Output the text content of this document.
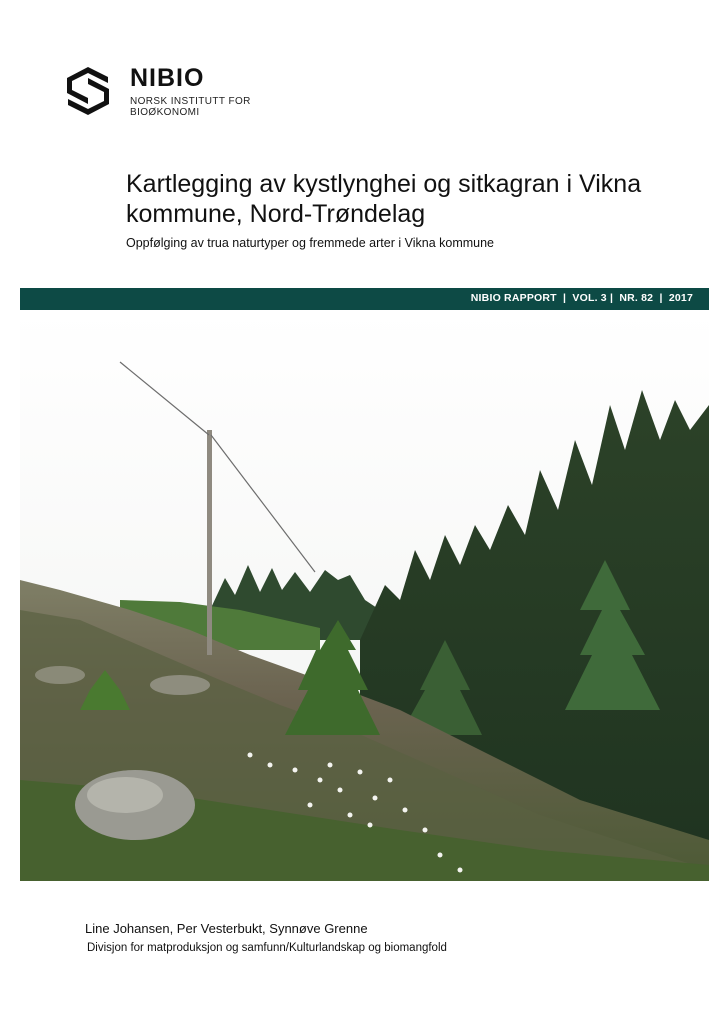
NIBIO
NORSK INSTITUTT FOR
BIOØKONOMI
Kartlegging av kystlynghei og sitkagran i Vikna kommune, Nord-Trøndelag

Oppfølging av trua naturtyper og fremmede arter i Vikna kommune

NIBIO RAPPORT  |  VOL. 3 |  NR. 82  |  2017
Line Johansen, Per Vesterbukt, Synnøve Grenne
Divisjon for matproduksjon og samfunn/Kulturlandskap og biomangfold
